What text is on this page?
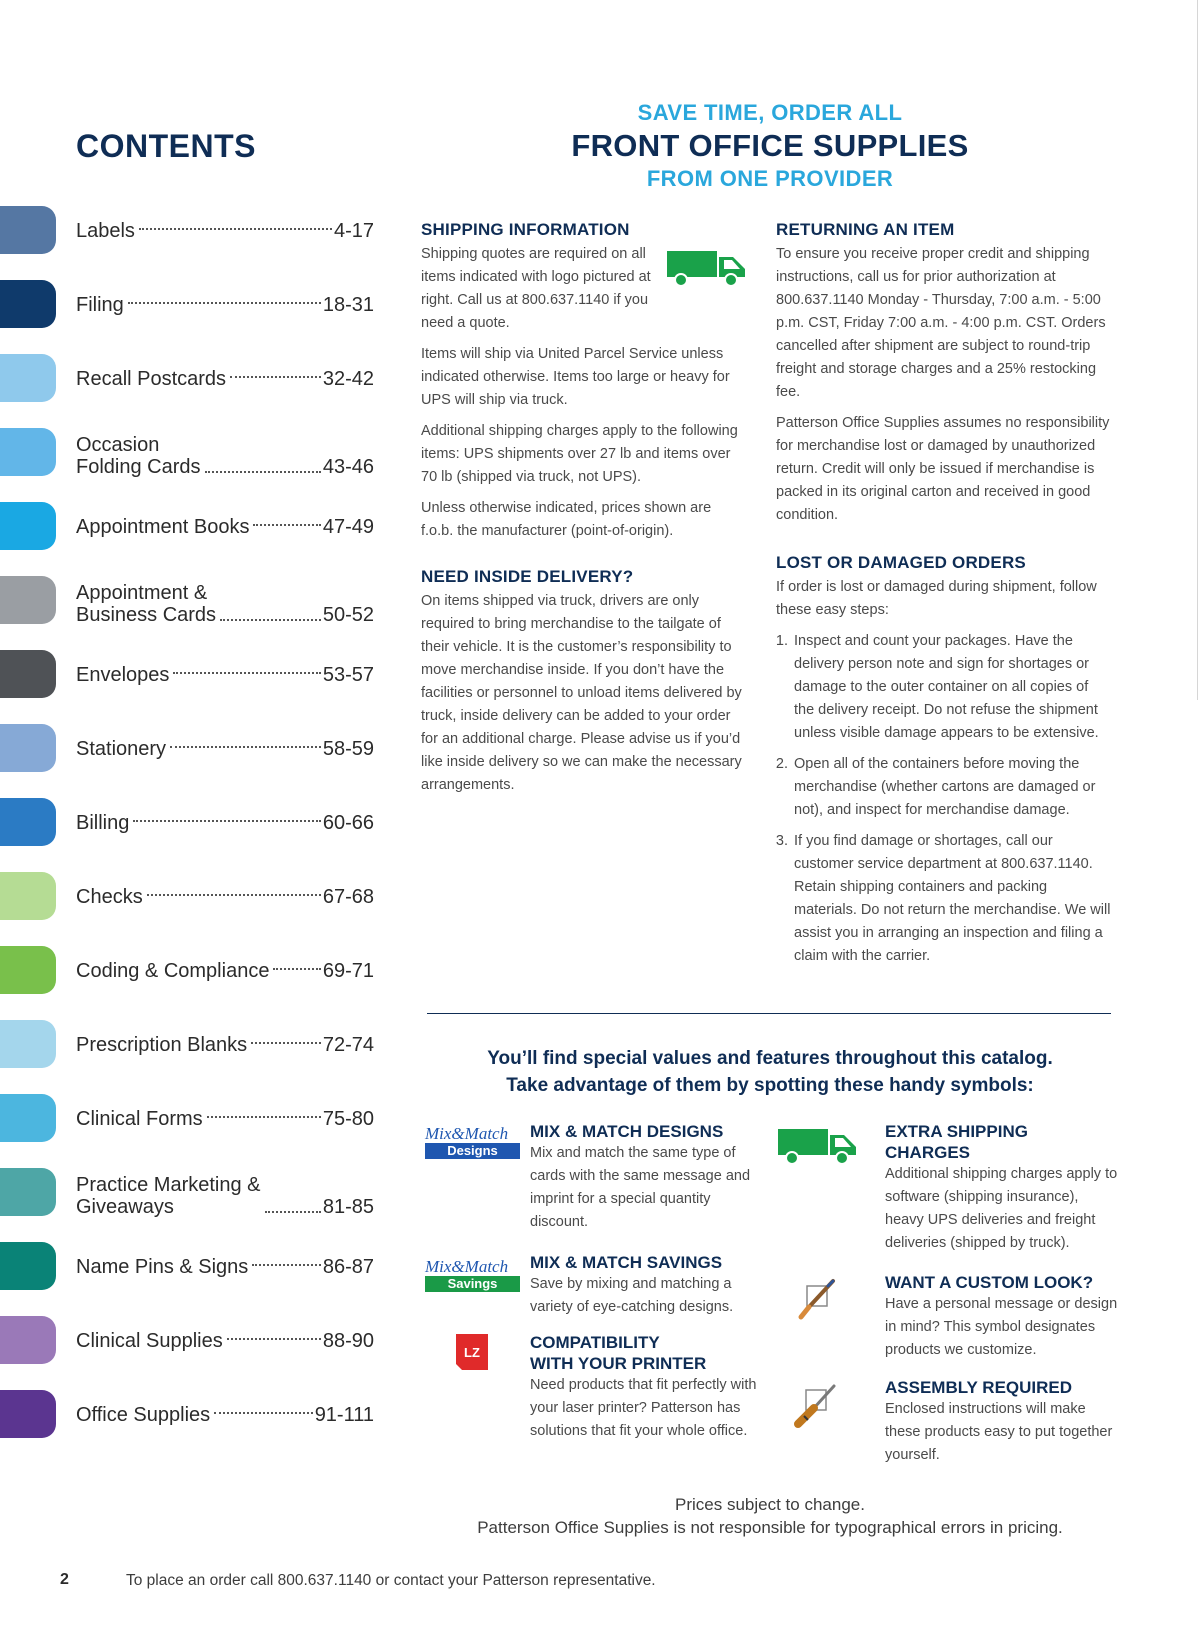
CONTENTS
Labels	4-17
Filing	18-31
Recall Postcards	32-42
Occasion
Folding Cards	43-46
Appointment Books	47-49
Appointment &
Business Cards	50-52
Envelopes	53-57
Stationery	58-59
Billing	60-66
Checks	67-68
Coding & Compliance	69-71
Prescription Blanks	72-74
Clinical Forms	75-80
Practice Marketing &
Giveaways	81-85
Name Pins & Signs	86-87
Clinical Supplies	88-90
Office Supplies	91-111
SAVE TIME, ORDER ALL
FRONT OFFICE SUPPLIES
FROM ONE PROVIDER
SHIPPING INFORMATION

Shipping quotes are required on all items indicated with logo pictured at right. Call us at 800.637.1140 if you need a quote.

Items will ship via United Parcel Service unless indicated otherwise. Items too large or heavy for UPS will ship via truck.

Additional shipping charges apply to the following items: UPS shipments over 27 lb and items over 70 lb (shipped via truck, not UPS).

Unless otherwise indicated, prices shown are f.o.b. the manufacturer (point-of-origin).

NEED INSIDE DELIVERY?

On items shipped via truck, drivers are only required to bring merchandise to the tailgate of their vehicle. It is the customer’s responsibility to move merchandise inside. If you don’t have the facilities or personnel to unload items delivered by truck, inside delivery can be added to your order for an additional charge. Please advise us if you’d like inside delivery so we can make the necessary arrangements.

RETURNING AN ITEM

To ensure you receive proper credit and shipping instructions, call us for prior authorization at 800.637.1140 Monday - Thursday, 7:00 a.m. - 5:00 p.m. CST, Friday 7:00 a.m. - 4:00 p.m. CST. Orders cancelled after shipment are subject to round-trip freight and storage charges and a 25% restocking fee.

Patterson Office Supplies assumes no responsibility for merchandise lost or damaged by unauthorized return. Credit will only be issued if merchandise is packed in its original carton and received in good condition.

LOST OR DAMAGED ORDERS

If order is lost or damaged during shipment, follow these easy steps:

1. Inspect and count your packages. Have the delivery person note and sign for shortages or damage to the outer container on all copies of the delivery receipt. Do not refuse the shipment unless visible damage appears to be extensive.
2. Open all of the containers before moving the merchandise (whether cartons are damaged or not), and inspect for merchandise damage.
3. If you find damage or shortages, call our customer service department at 800.637.1140. Retain shipping containers and packing materials. Do not return the merchandise. We will assist you in arranging an inspection and filing a claim with the carrier.
You’ll find special values and features throughout this catalog.
Take advantage of them by spotting these handy symbols:
Mix&Match
Designs
MIX & MATCH DESIGNS
Mix and match the same type of cards with the same message and imprint for a special quantity discount.
Mix&Match
Savings
MIX & MATCH SAVINGS
Save by mixing and matching a variety of eye-catching designs.
LZ
COMPATIBILITY
WITH YOUR PRINTER
Need products that fit perfectly with your laser printer? Patterson has solutions that fit your whole office.
EXTRA SHIPPING
CHARGES
Additional shipping charges apply to software (shipping insurance), heavy UPS deliveries and freight deliveries (shipped by truck).
WANT A CUSTOM LOOK?
Have a personal message or design in mind? This symbol designates products we customize.
ASSEMBLY REQUIRED
Enclosed instructions will make these products easy to put together yourself.
Prices subject to change.
Patterson Office Supplies is not responsible for typographical errors in pricing.
2	To place an order call 800.637.1140 or contact your Patterson representative.
